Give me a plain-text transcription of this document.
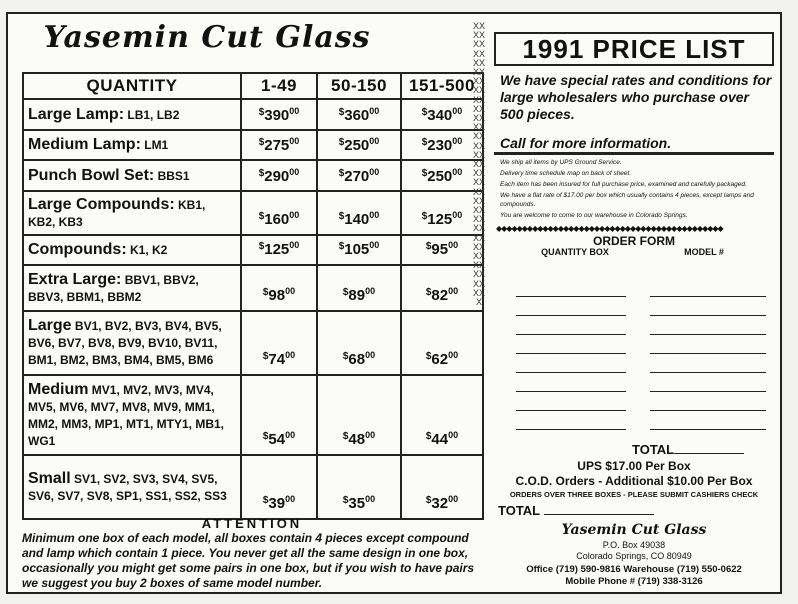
Yasemin Cut Glass
QUANTITY	1-49	50-150	151-500
Large Lamp: LB1, LB2	$^{\$}390^{00}$	$^{\$}360^{00}$	$^{\$}340^{00}$
Medium Lamp: LM1	$^{\$}275^{00}$	$^{\$}250^{00}$	$^{\$}230^{00}$
Punch Bowl Set: BBS1	$^{\$}290^{00}$	$^{\$}270^{00}$	$^{\$}250^{00}$
Large Compounds: KB1, KB2, KB3	$^{\$}160^{00}$	$^{\$}140^{00}$	$^{\$}125^{00}$
Compounds: K1, K2	$^{\$}125^{00}$	$^{\$}105^{00}$	$^{\$}95^{00}$
Extra Large: BBV1, BBV2, BBV3, BBM1, BBM2	$^{\$}98^{00}$	$^{\$}89^{00}$	$^{\$}82^{00}$
Large BV1, BV2, BV3, BV4, BV5, BV6, BV7, BV8, BV9, BV10, BV11, BM1, BM2, BM3, BM4, BM5, BM6	$^{\$}74^{00}$	$^{\$}68^{00}$	$^{\$}62^{00}$
Medium MV1, MV2, MV3, MV4, MV5, MV6, MV7, MV8, MV9, MM1, MM2, MM3, MP1, MT1, MTY1, MB1, WG1	$^{\$}54^{00}$	$^{\$}48^{00}$	$^{\$}44^{00}$
Small SV1, SV2, SV3, SV4, SV5, SV6, SV7, SV8, SP1, SS1, SS2, SS3	$^{\$}39^{00}$	$^{\$}35^{00}$	$^{\$}32^{00}$
ATTENTION
Minimum one box of each model, all boxes contain 4 pieces except compound and lamp which contain 1 piece. You never get all the same design in one box, occasionally you might get some pairs in one box, but if you wish to have pairs we suggest you buy 2 boxes of same model number.
XXXXXXXXXXXXXXXXXXXXXXXXXXXXXXXXXXXXXXXXXXXXXXXXXXXXXXXXXXXXX
1991 PRICE LIST
We have special rates and conditions for large wholesalers who purchase over 500 pieces.
Call for more information.

We ship all items by UPS Ground Service.

Delivery time schedule map on back of sheet.

Each item has been insured for full purchase price, examined and carefully packaged.

We have a flat rate of $17.00 per box which usually contains 4 pieces, except lamps and compounds.

You are welcome to come to our warehouse in Colorado Springs.

◆◆◆◆◆◆◆◆◆◆◆◆◆◆◆◆◆◆◆◆◆◆◆◆◆◆◆◆◆◆◆◆◆◆◆◆◆◆◆◆◆◆◆◆
ORDER FORM
QUANTITY BOX	MODEL #
TOTAL
UPS $17.00 Per Box
C.O.D. Orders - Additional $10.00 Per Box
ORDERS OVER THREE BOXES - PLEASE SUBMIT CASHIERS CHECK
TOTAL
Yasemin Cut Glass
P.O. Box 49038
Colorado Springs, CO 80949
Office (719) 590-9816 Warehouse (719) 550-0622
Mobile Phone # (719) 338-3126
